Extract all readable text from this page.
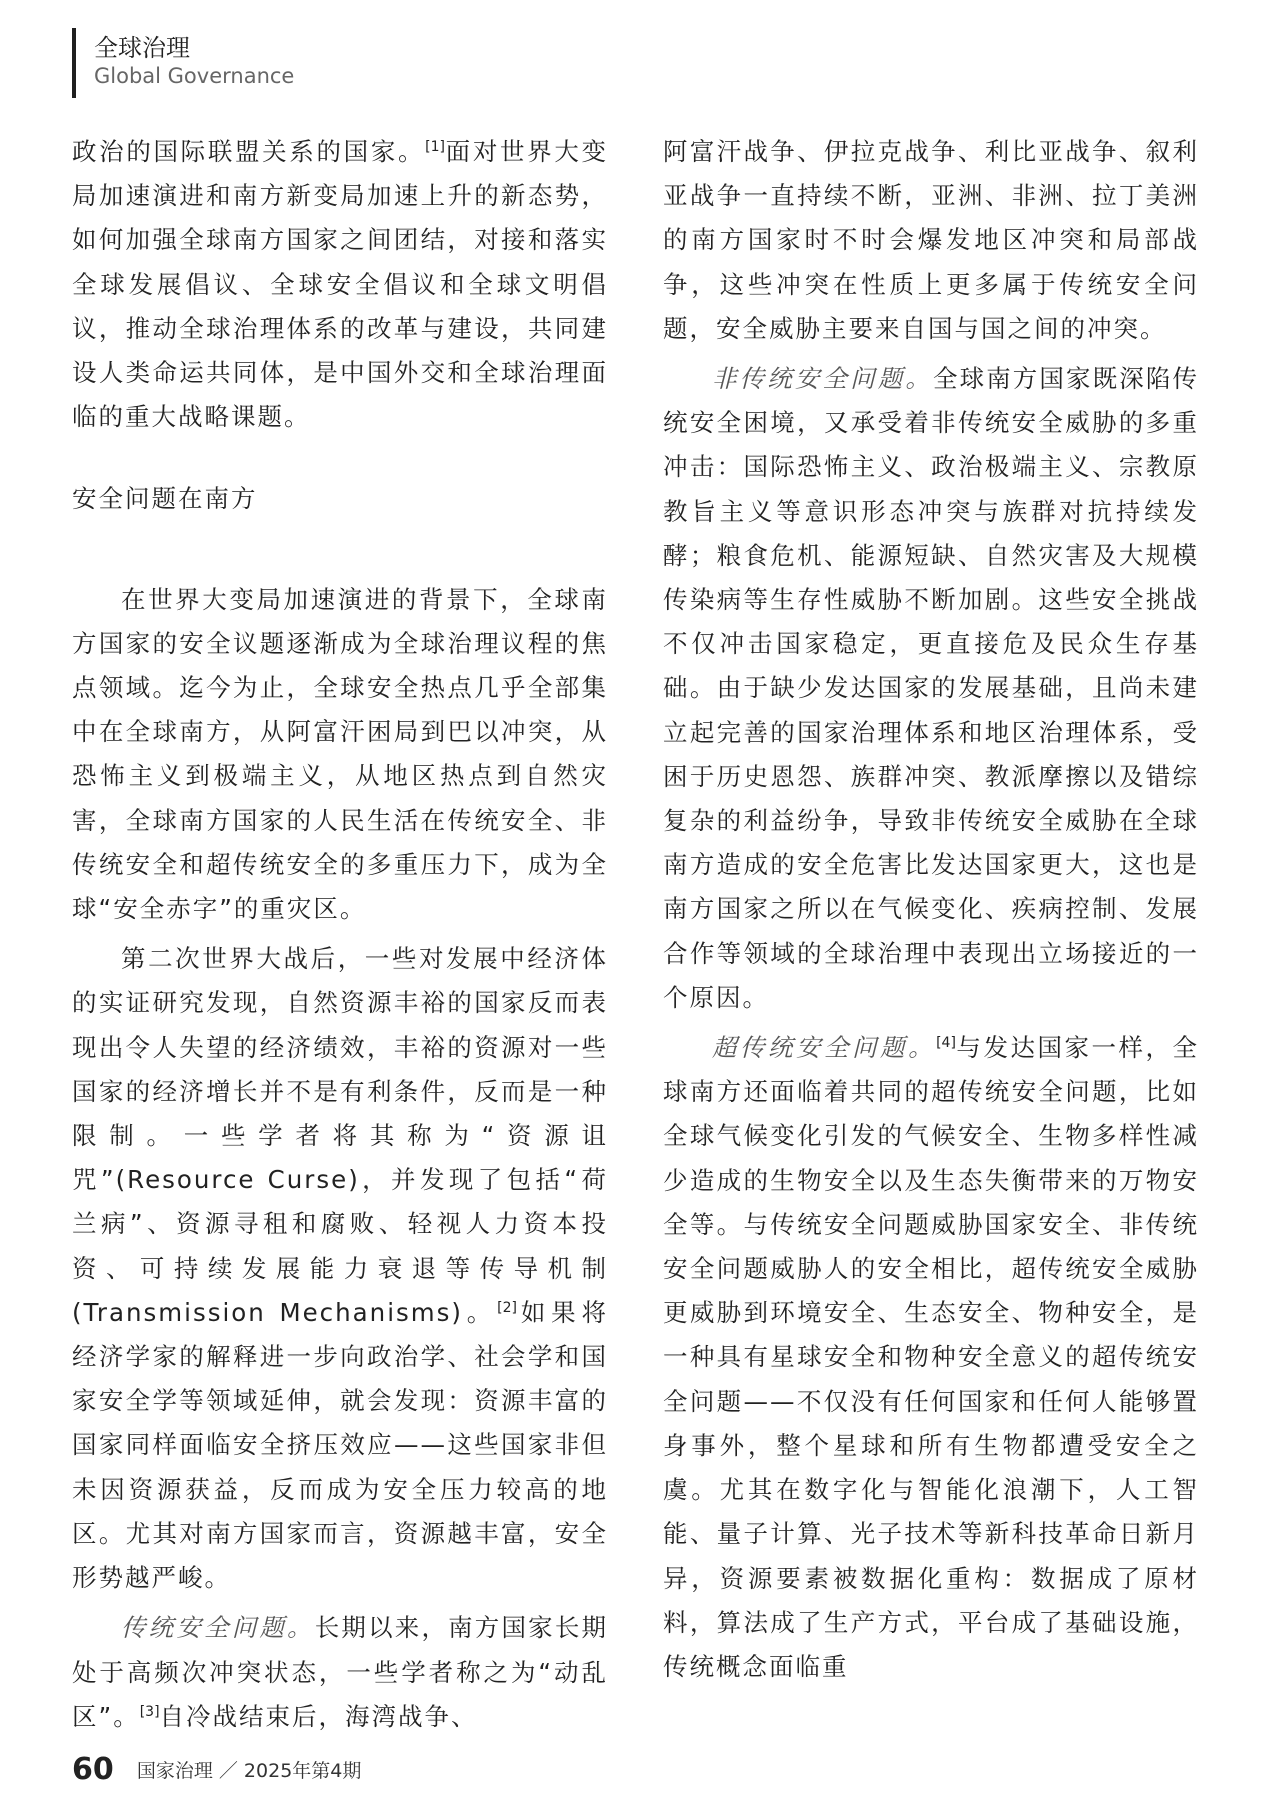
全球治理
Global Governance

政治的国际联盟关系的国家。[1]面对世界大变局加速演进和南方新变局加速上升的新态势，如何加强全球南方国家之间团结，对接和落实全球发展倡议、全球安全倡议和全球文明倡议，推动全球治理体系的改革与建设，共同建设人类命运共同体，是中国外交和全球治理面临的重大战略课题。

安全问题在南方

在世界大变局加速演进的背景下，全球南方国家的安全议题逐渐成为全球治理议程的焦点领域。迄今为止，全球安全热点几乎全部集中在全球南方，从阿富汗困局到巴以冲突，从恐怖主义到极端主义，从地区热点到自然灾害，全球南方国家的人民生活在传统安全、非传统安全和超传统安全的多重压力下，成为全球“安全赤字”的重灾区。

第二次世界大战后，一些对发展中经济体的实证研究发现，自然资源丰裕的国家反而表现出令人失望的经济绩效，丰裕的资源对一些国家的经济增长并不是有利条件，反而是一种限制。一些学者将其称为“资源诅咒”(Resource Curse)，并发现了包括“荷兰病”、资源寻租和腐败、轻视人力资本投资、可持续发展能力衰退等传导机制(Transmission Mechanisms)。[2]如果将经济学家的解释进一步向政治学、社会学和国家安全学等领域延伸，就会发现：资源丰富的国家同样面临安全挤压效应——这些国家非但未因资源获益，反而成为安全压力较高的地区。尤其对南方国家而言，资源越丰富，安全形势越严峻。

传统安全问题。长期以来，南方国家长期处于高频次冲突状态，一些学者称之为“动乱区”。[3]自冷战结束后，海湾战争、

阿富汗战争、伊拉克战争、利比亚战争、叙利亚战争一直持续不断，亚洲、非洲、拉丁美洲的南方国家时不时会爆发地区冲突和局部战争，这些冲突在性质上更多属于传统安全问题，安全威胁主要来自国与国之间的冲突。

非传统安全问题。全球南方国家既深陷传统安全困境，又承受着非传统安全威胁的多重冲击：国际恐怖主义、政治极端主义、宗教原教旨主义等意识形态冲突与族群对抗持续发酵；粮食危机、能源短缺、自然灾害及大规模传染病等生存性威胁不断加剧。这些安全挑战不仅冲击国家稳定，更直接危及民众生存基础。由于缺少发达国家的发展基础，且尚未建立起完善的国家治理体系和地区治理体系，受困于历史恩怨、族群冲突、教派摩擦以及错综复杂的利益纷争，导致非传统安全威胁在全球南方造成的安全危害比发达国家更大，这也是南方国家之所以在气候变化、疾病控制、发展合作等领域的全球治理中表现出立场接近的一个原因。

超传统安全问题。[4]与发达国家一样，全球南方还面临着共同的超传统安全问题，比如全球气候变化引发的气候安全、生物多样性减少造成的生物安全以及生态失衡带来的万物安全等。与传统安全问题威胁国家安全、非传统安全问题威胁人的安全相比，超传统安全威胁更威胁到环境安全、生态安全、物种安全，是一种具有星球安全和物种安全意义的超传统安全问题——不仅没有任何国家和任何人能够置身事外，整个星球和所有生物都遭受安全之虞。尤其在数字化与智能化浪潮下，人工智能、量子计算、光子技术等新科技革命日新月异，资源要素被数据化重构：数据成了原材料，算法成了生产方式，平台成了基础设施，传统概念面临重

60 国家治理 ／ 2025年第4期
